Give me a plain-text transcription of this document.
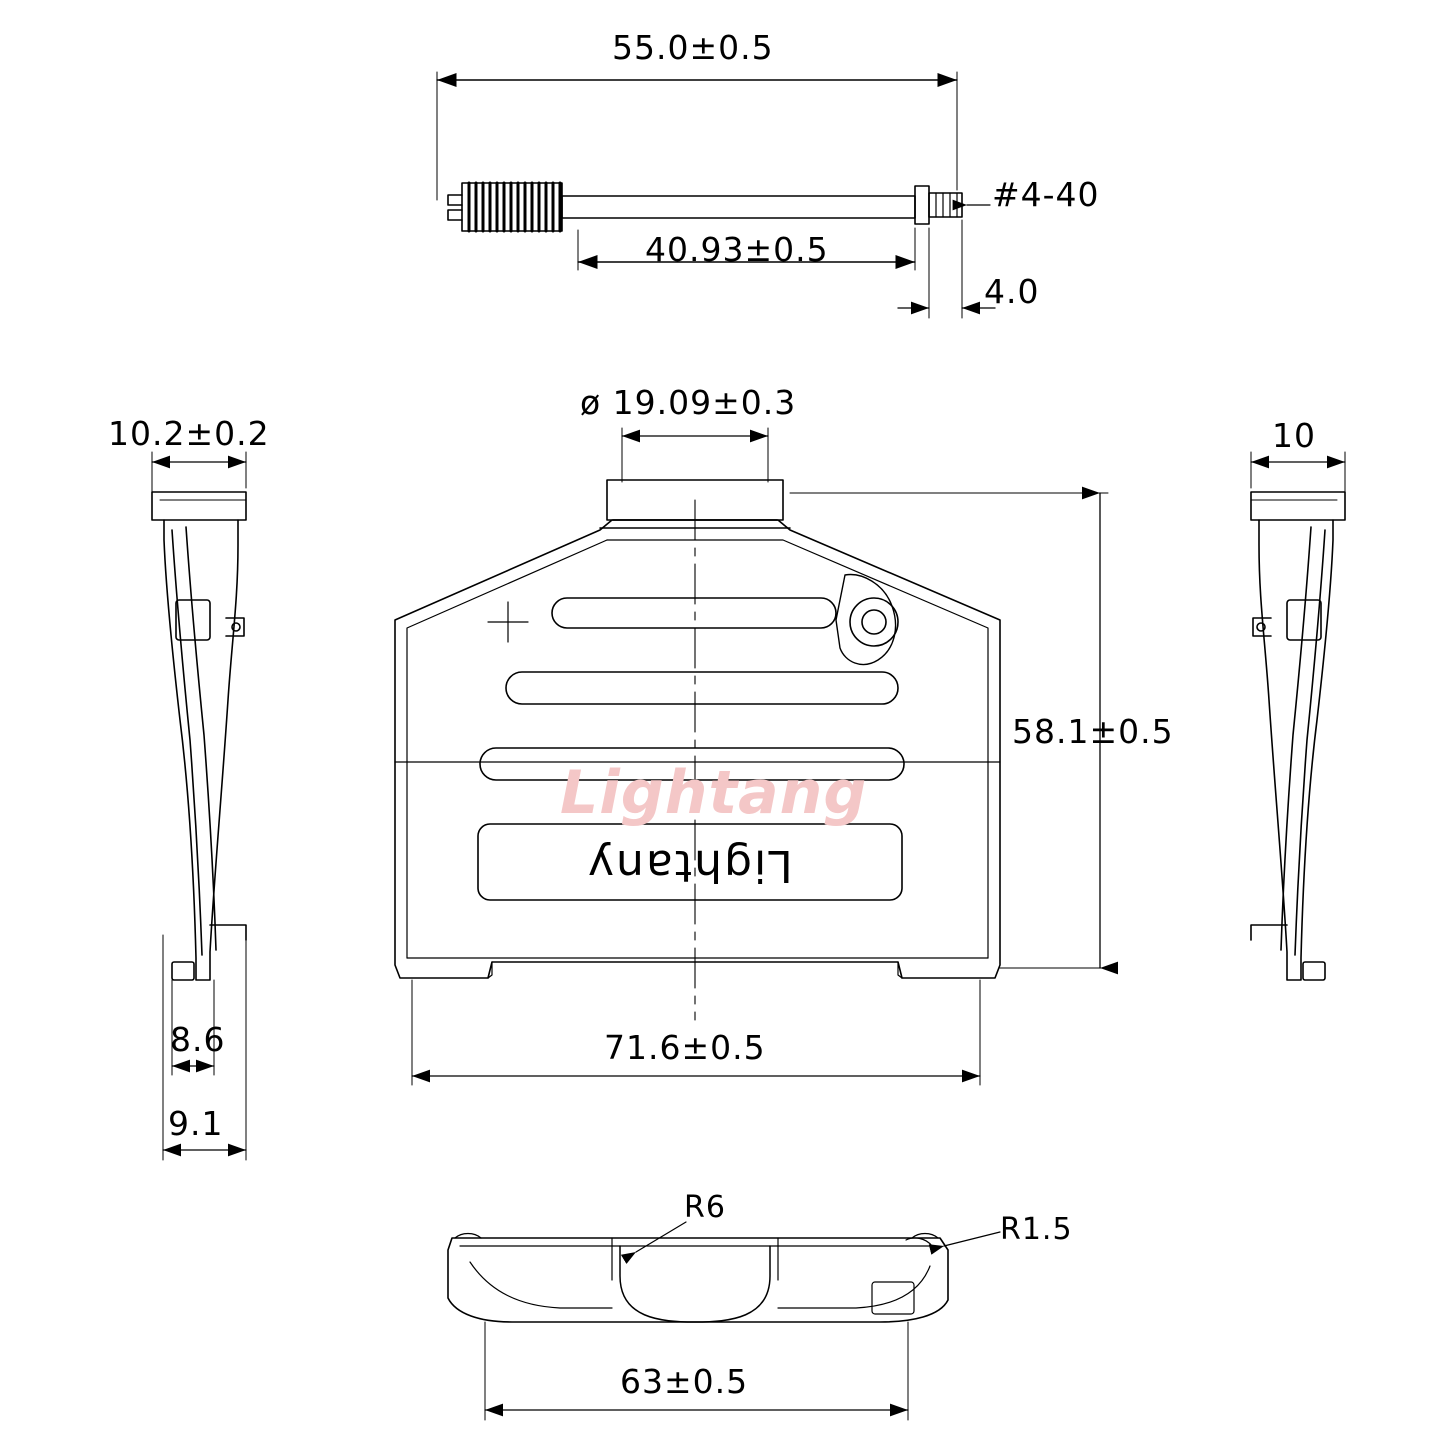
55.0±0.5
#4-40
40.93±0.5
4.0
ø 19.09±0.3
10.2±0.2
8.6
9.1
10
58.1±0.5
71.6±0.5
R6
R1.5
63±0.5
Lightany
Lightang
